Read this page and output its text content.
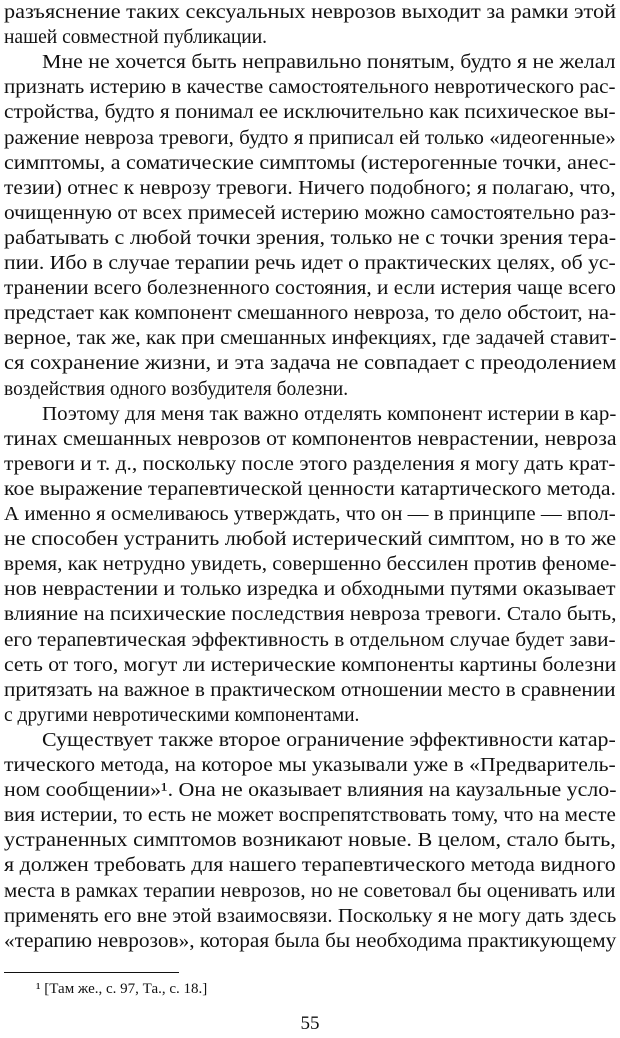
разъяснение таких сексуальных неврозов выходит за рамки этой
нашей совместной публикации.
Мне не хочется быть неправильно понятым, будто я не желал
признать истерию в качестве самостоятельного невротического рас-
стройства, будто я понимал ее исключительно как психическое вы-
ражение невроза тревоги, будто я приписал ей только «идеогенные»
симптомы, а соматические симптомы (истерогенные точки, анес-
тезии) отнес к неврозу тревоги. Ничего подобного; я полагаю, что,
очищенную от всех примесей истерию можно самостоятельно раз-
рабатывать с любой точки зрения, только не с точки зрения тера-
пии. Ибо в случае терапии речь идет о практических целях, об ус-
транении всего болезненного состояния, и если истерия чаще всего
предстает как компонент смешанного невроза, то дело обстоит, на-
верное, так же, как при смешанных инфекциях, где задачей ставит-
ся сохранение жизни, и эта задача не совпадает с преодолением
воздействия одного возбудителя болезни.
Поэтому для меня так важно отделять компонент истерии в кар-
тинах смешанных неврозов от компонентов неврастении, невроза
тревоги и т. д., поскольку после этого разделения я могу дать крат-
кое выражение терапевтической ценности катартического метода.
А именно я осмеливаюсь утверждать, что он — в принципе — впол-
не способен устранить любой истерический симптом, но в то же
время, как нетрудно увидеть, совершенно бессилен против феноме-
нов неврастении и только изредка и обходными путями оказывает
влияние на психические последствия невроза тревоги. Стало быть,
его терапевтическая эффективность в отдельном случае будет зави-
сеть от того, могут ли истерические компоненты картины болезни
притязать на важное в практическом отношении место в сравнении
с другими невротическими компонентами.
Существует также второе ограничение эффективности катар-
тического метода, на которое мы указывали уже в «Предваритель-
ном сообщении»¹. Она не оказывает влияния на каузальные усло-
вия истерии, то есть не может воспрепятствовать тому, что на месте
устраненных симптомов возникают новые. В целом, стало быть,
я должен требовать для нашего терапевтического метода видного
места в рамках терапии неврозов, но не советовал бы оценивать или
применять его вне этой взаимосвязи. Поскольку я не могу дать здесь
«терапию неврозов», которая была бы необходима практикующему
¹ [Там же., с. 97, Та., с. 18.]
55
